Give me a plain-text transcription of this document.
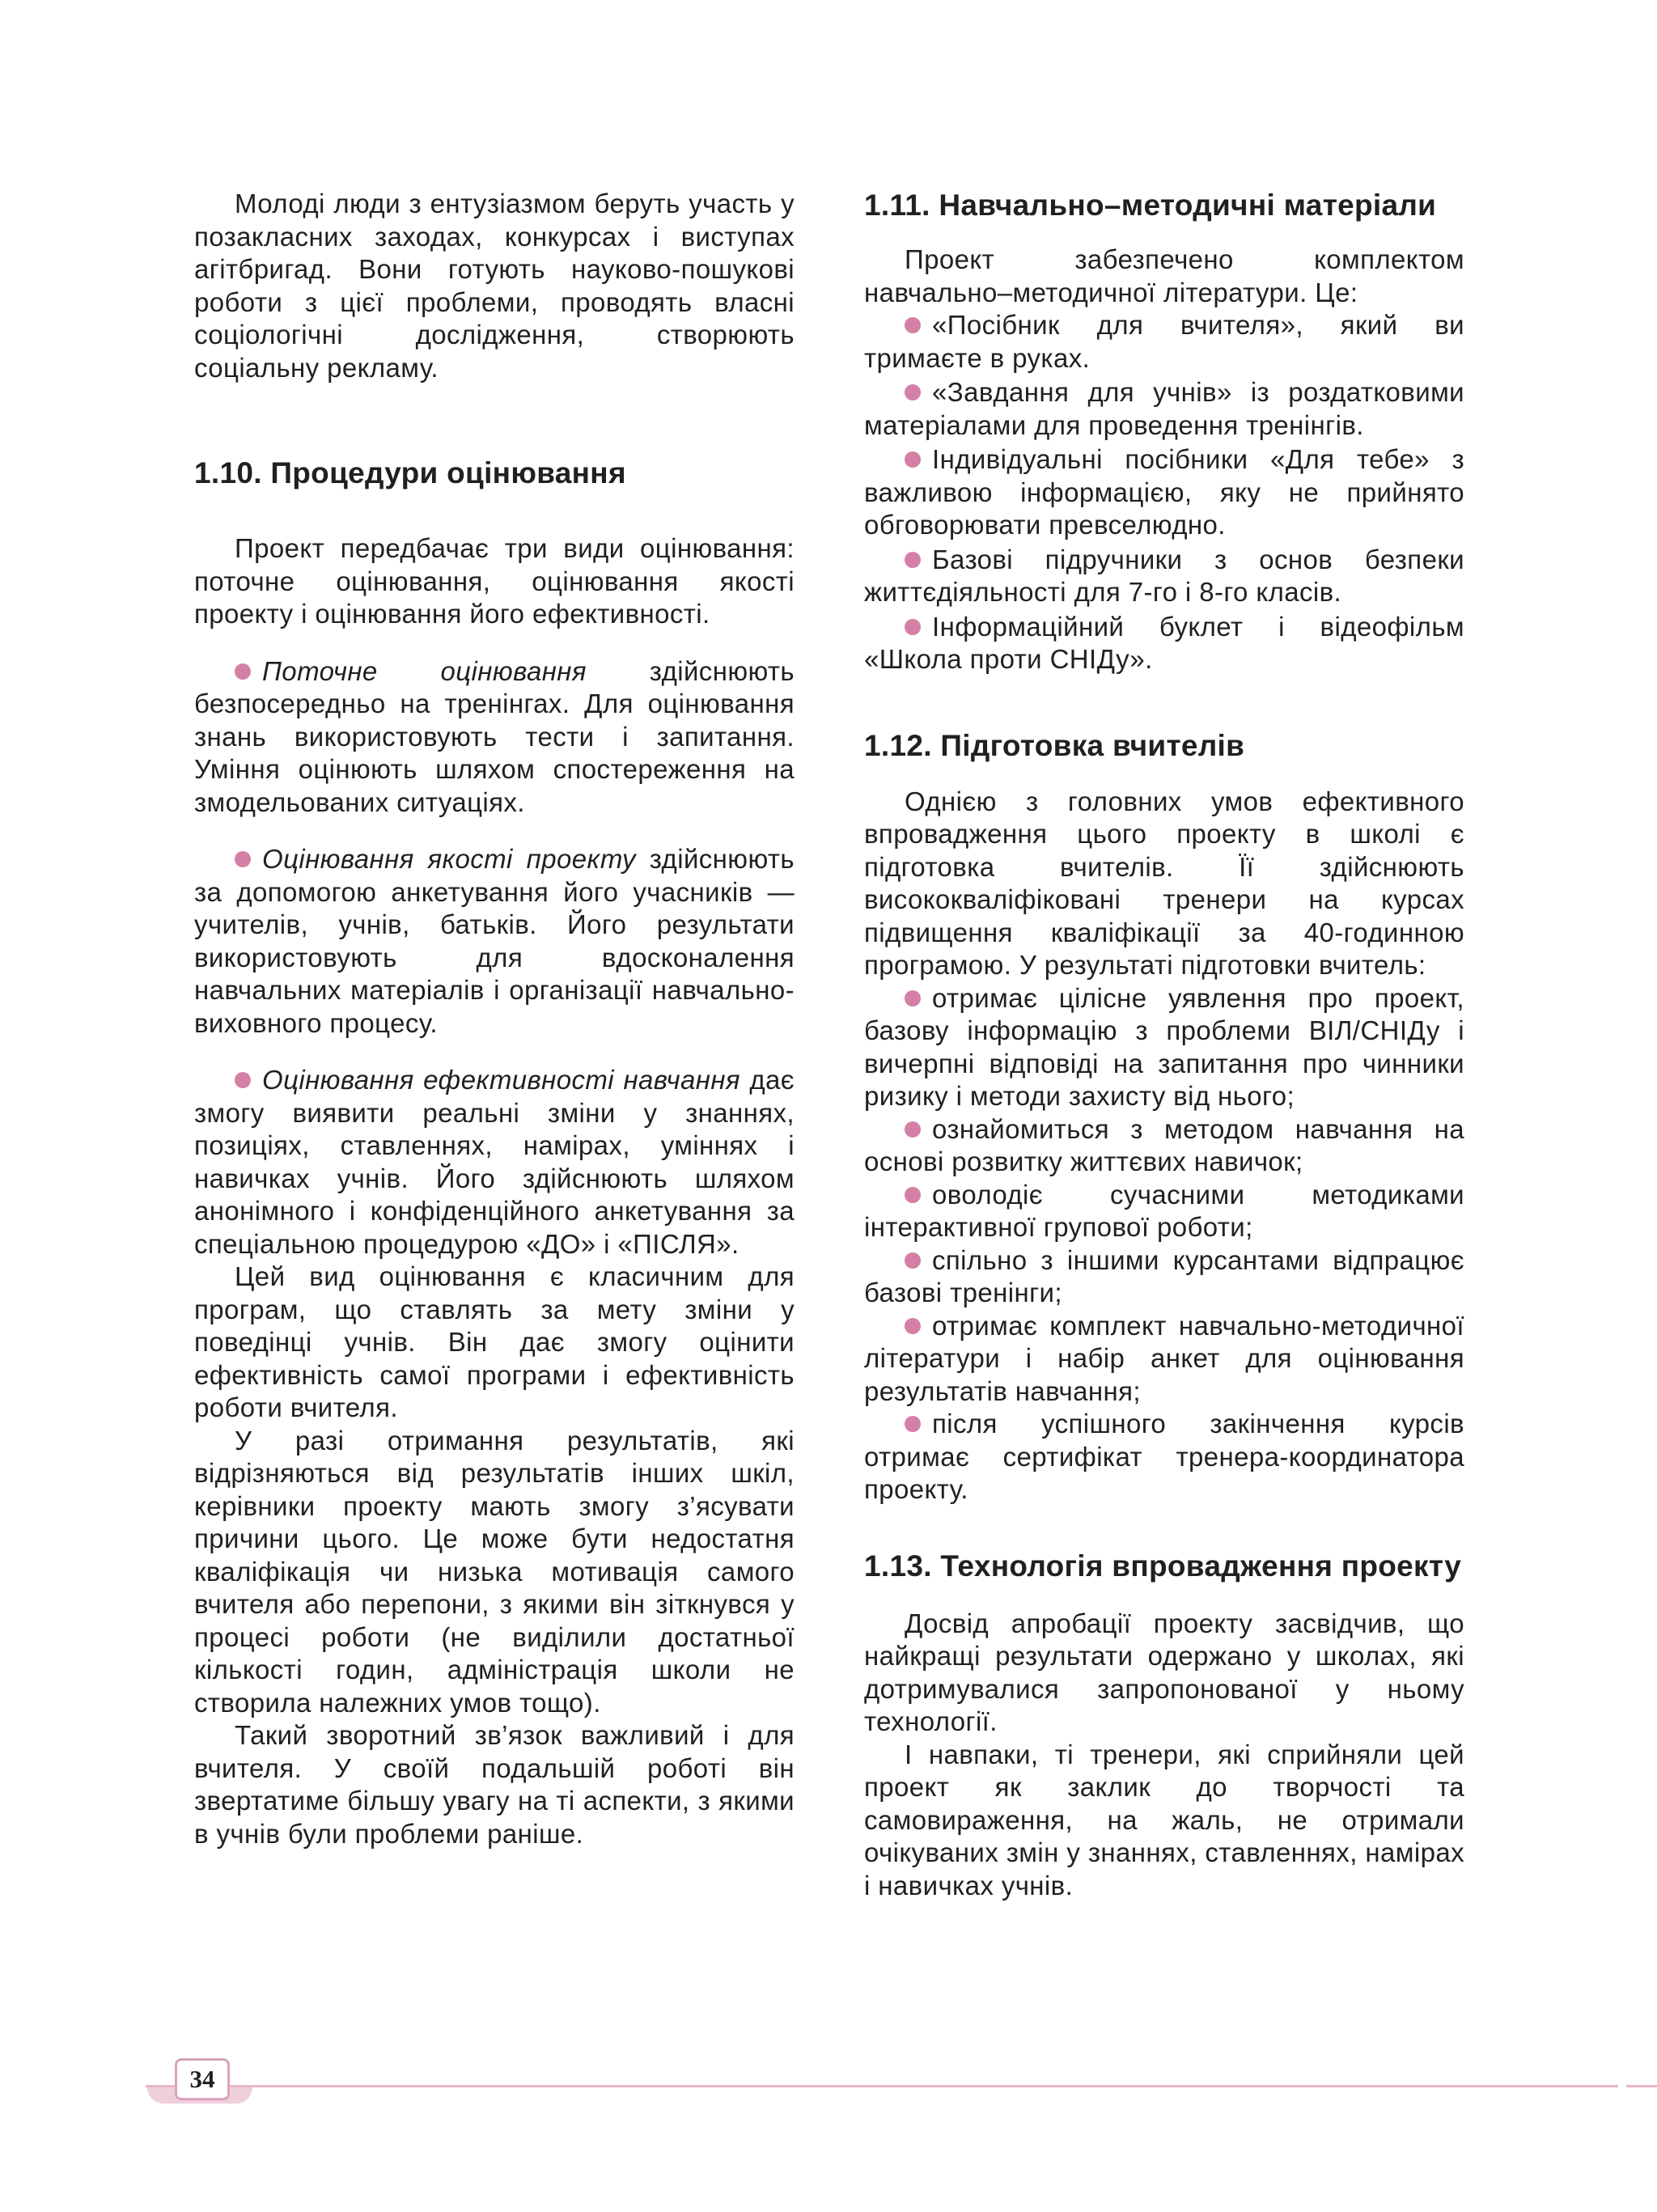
Молоді люди з ентузіазмом беруть участь у позакласних заходах, конкурсах і виступах агітбригад. Вони готують науково-пошукові роботи з цієї проблеми, проводять власні соціологічні дослідження, створюють соціальну рекламу.

1.10. Процедури оцінювання

Проект передбачає три види оцінювання: поточне оцінювання, оцінювання якості проекту і оцінювання його ефективності.

Поточне оцінювання здійснюють безпосередньо на тренінгах. Для оцінювання знань використовують тести і запитання. Уміння оцінюють шляхом спостереження на змодельованих ситуаціях.

Оцінювання якості проекту здійснюють за допомогою анкетування його учасників — учителів, учнів, батьків. Його результати використовують для вдосконалення навчальних матеріалів і організації навчально-виховного процесу.

Оцінювання ефективності навчання дає змогу виявити реальні зміни у знаннях, позиціях, ставленнях, намірах, уміннях і навичках учнів. Його здійснюють шляхом анонімного і конфіденційного анкетування за спеціальною процедурою «ДО» і «ПІСЛЯ».

Цей вид оцінювання є класичним для програм, що ставлять за мету зміни у поведінці учнів. Він дає змогу оцінити ефективність самої програми і ефективність роботи вчителя.

У разі отримання результатів, які відрізняються від результатів інших шкіл, керівники проекту мають змогу з’ясувати причини цього. Це може бути недостатня кваліфікація чи низька мотивація самого вчителя або перепони, з якими він зіткнувся у процесі роботи (не виділили достатньої кількості годин, адміністрація школи не створила належних умов тощо).

Такий зворотний зв’язок важливий і для вчителя. У своїй подальшій роботі він звертатиме більшу увагу на ті аспекти, з якими в учнів були проблеми раніше.

1.11. Навчально–методичні матеріали

Проект забезпечено комплектом навчально–методичної літератури. Це:

«Посібник для вчителя», який ви тримаєте в руках.

«Завдання для учнів» із роздатковими матеріалами для проведення тренінгів.

Індивідуальні посібники «Для тебе» з важливою інформацією, яку не прийнято обговорювати превселюдно.

Базові підручники з основ безпеки життєдіяльності для 7-го і 8-го класів.

Інформаційний буклет і відеофільм «Школа проти СНІДу».

1.12. Підготовка вчителів

Однією з головних умов ефективного впровадження цього проекту в школі є підготовка вчителів. Її здійснюють висококваліфіковані тренери на курсах підвищення кваліфікації за 40-годинною програмою. У результаті підготовки вчитель:

отримає цілісне уявлення про проект, базову інформацію з проблеми ВІЛ/СНІДу і вичерпні відповіді на запитання про чинники ризику і методи захисту від нього;

ознайомиться з методом навчання на основі розвитку життєвих навичок;

оволодіє сучасними методиками інтерактивної групової роботи;

спільно з іншими курсантами відпрацює базові тренінги;

отримає комплект навчально-методичної літератури і набір анкет для оцінювання результатів навчання;

після успішного закінчення курсів отримає сертифікат тренера-координатора проекту.

1.13. Технологія впровадження проекту

Досвід апробації проекту засвідчив, що найкращі результати одержано у школах, які дотримувалися запропонованої у ньому технології.

І навпаки, ті тренери, які сприйняли цей проект як заклик до творчості та самовираження, на жаль, не отримали очікуваних змін у знаннях, ставленнях, намірах і навичках учнів.

34
